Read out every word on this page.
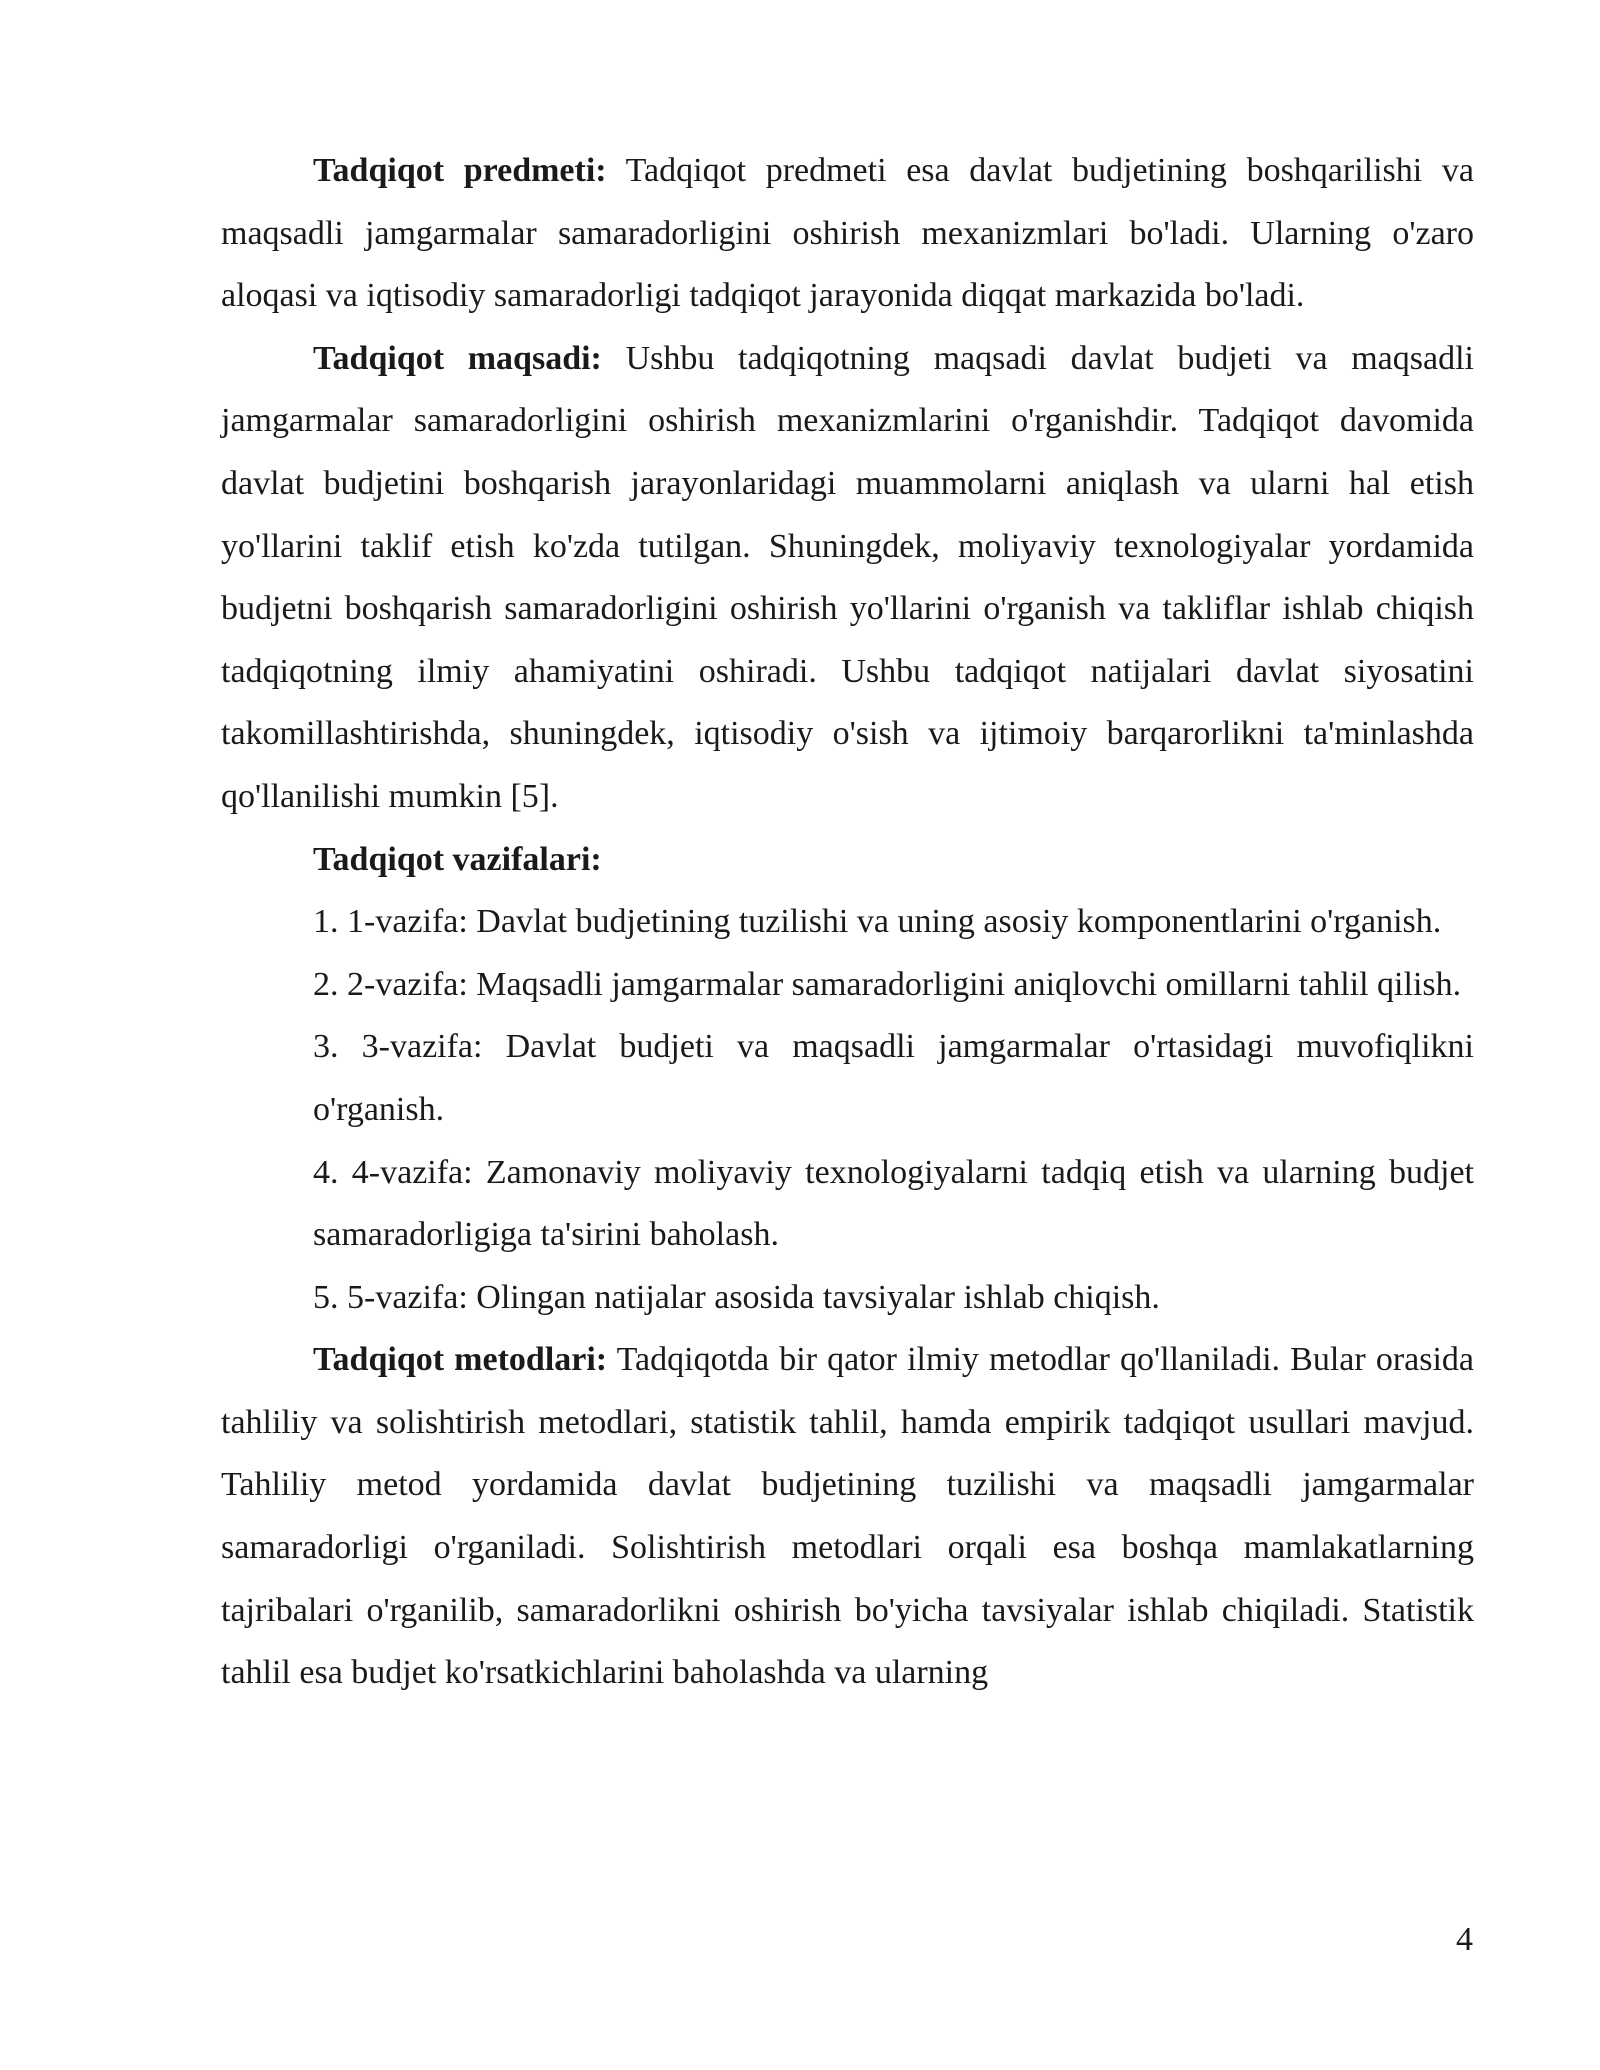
Tadqiqot predmeti: Tadqiqot predmeti esa davlat budjetining boshqarilishi va maqsadli jamgarmalar samaradorligini oshirish mexanizmlari bo'ladi. Ularning o'zaro aloqasi va iqtisodiy samaradorligi tadqiqot jarayonida diqqat markazida bo'ladi.

Tadqiqot maqsadi: Ushbu tadqiqotning maqsadi davlat budjeti va maqsadli jamgarmalar samaradorligini oshirish mexanizmlarini o'rganishdir. Tadqiqot davomida davlat budjetini boshqarish jarayonlaridagi muammolarni aniqlash va ularni hal etish yo'llarini taklif etish ko'zda tutilgan. Shuningdek, moliyaviy texnologiyalar yordamida budjetni boshqarish samaradorligini oshirish yo'llarini o'rganish va takliflar ishlab chiqish tadqiqotning ilmiy ahamiyatini oshiradi. Ushbu tadqiqot natijalari davlat siyosatini takomillashtirishda, shuningdek, iqtisodiy o'sish va ijtimoiy barqarorlikni ta'minlashda qo'llanilishi mumkin [5].

Tadqiqot vazifalari:

1. 1-vazifa: Davlat budjetining tuzilishi va uning asosiy komponentlarini o'rganish.

2. 2-vazifa: Maqsadli jamgarmalar samaradorligini aniqlovchi omillarni tahlil qilish.

3. 3-vazifa: Davlat budjeti va maqsadli jamgarmalar o'rtasidagi muvofiqlikni o'rganish.

4. 4-vazifa: Zamonaviy moliyaviy texnologiyalarni tadqiq etish va ularning budjet samaradorligiga ta'sirini baholash.

5. 5-vazifa: Olingan natijalar asosida tavsiyalar ishlab chiqish.

Tadqiqot metodlari: Tadqiqotda bir qator ilmiy metodlar qo'llaniladi. Bular orasida tahliliy va solishtirish metodlari, statistik tahlil, hamda empirik tadqiqot usullari mavjud. Tahliliy metod yordamida davlat budjetining tuzilishi va maqsadli jamgarmalar samaradorligi o'rganiladi. Solishtirish metodlari orqali esa boshqa mamlakatlarning tajribalari o'rganilib, samaradorlikni oshirish bo'yicha tavsiyalar ishlab chiqiladi. Statistik tahlil esa budjet ko'rsatkichlarini baholashda va ularning

4
